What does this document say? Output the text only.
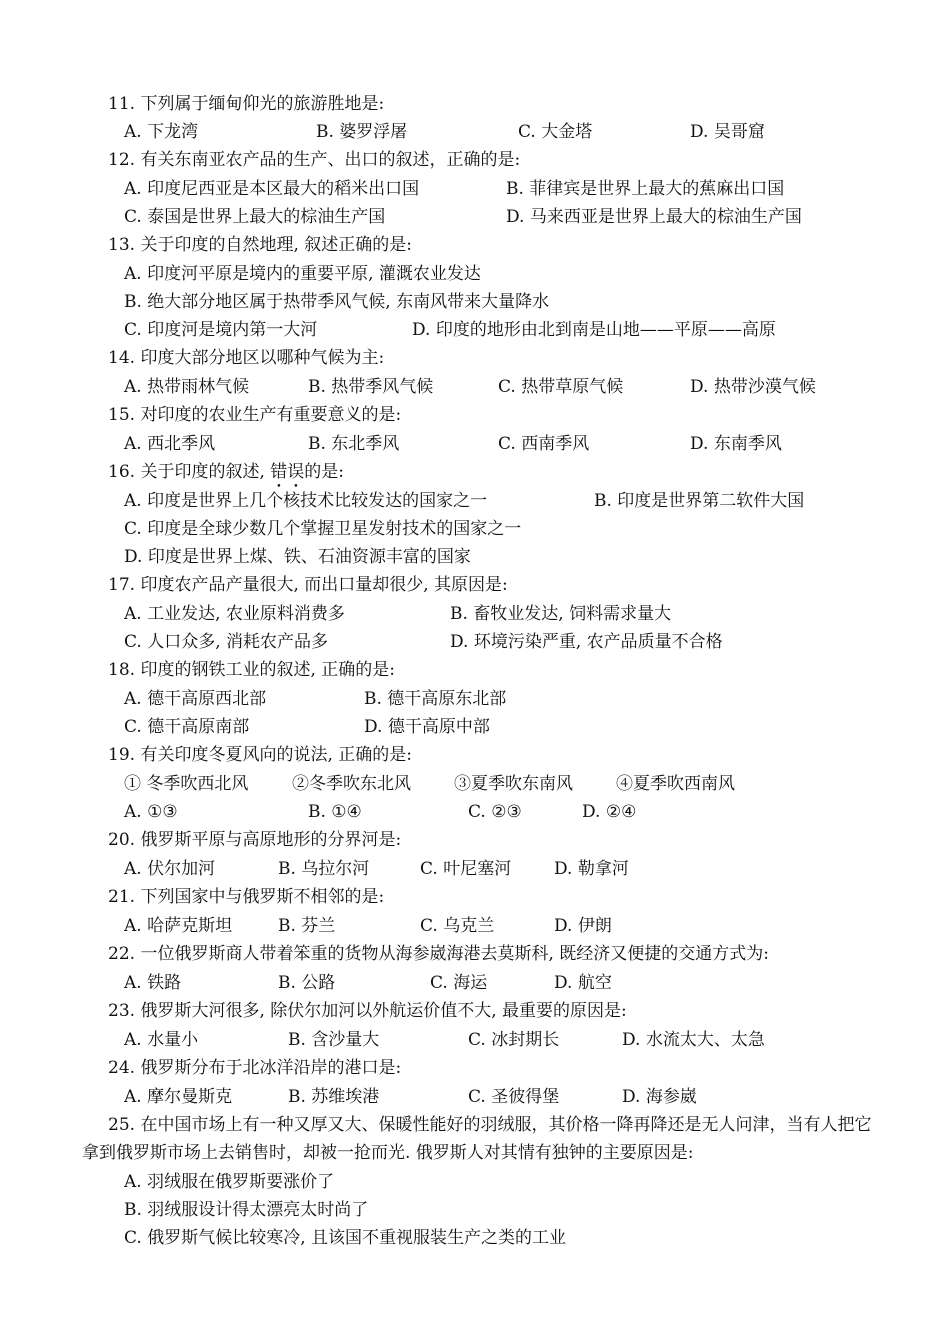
11. 下列属于缅甸仰光的旅游胜地是:
A. 下龙湾	B. 婆罗浮屠	C. 大金塔	D. 吴哥窟
12. 有关东南亚农产品的生产、出口的叙述，正确的是:
A. 印度尼西亚是本区最大的稻米出口国	B. 菲律宾是世界上最大的蕉麻出口国
C. 泰国是世界上最大的棕油生产国	D. 马来西亚是世界上最大的棕油生产国
13. 关于印度的自然地理, 叙述正确的是:
A. 印度河平原是境内的重要平原, 灌溉农业发达
B. 绝大部分地区属于热带季风气候, 东南风带来大量降水
C. 印度河是境内第一大河	D. 印度的地形由北到南是山地——平原——高原
14. 印度大部分地区以哪种气候为主:
A. 热带雨林气候	B. 热带季风气候	C. 热带草原气候	D. 热带沙漠气候
15. 对印度的农业生产有重要意义的是:
A. 西北季风	B. 东北季风	C. 西南季风	D. 东南季风
16. 关于印度的叙述, 错误的是:
A. 印度是世界上几个核技术比较发达的国家之一	B. 印度是世界第二软件大国
C. 印度是全球少数几个掌握卫星发射技术的国家之一
D. 印度是世界上煤、铁、石油资源丰富的国家
17. 印度农产品产量很大, 而出口量却很少, 其原因是:
A. 工业发达, 农业原料消费多	B. 畜牧业发达, 饲料需求量大
C. 人口众多, 消耗农产品多	D. 环境污染严重, 农产品质量不合格
18. 印度的钢铁工业的叙述, 正确的是:
A. 德干高原西北部	B. 德干高原东北部
C. 德干高原南部	D. 德干高原中部
19. 有关印度冬夏风向的说法, 正确的是:
① 冬季吹西北风	②冬季吹东北风	③夏季吹东南风	④夏季吹西南风
A. ①③	B. ①④	C. ②③	D. ②④
20. 俄罗斯平原与高原地形的分界河是:
A. 伏尔加河	B. 乌拉尔河	C. 叶尼塞河	D. 勒拿河
21. 下列国家中与俄罗斯不相邻的是:
A. 哈萨克斯坦	B. 芬兰	C. 乌克兰	D. 伊朗
22. 一位俄罗斯商人带着笨重的货物从海参崴海港去莫斯科, 既经济又便捷的交通方式为:
A. 铁路	B. 公路	C. 海运	D. 航空
23. 俄罗斯大河很多, 除伏尔加河以外航运价值不大, 最重要的原因是:
A. 水量小	B. 含沙量大	C. 冰封期长	D. 水流太大、太急
24. 俄罗斯分布于北冰洋沿岸的港口是:
A. 摩尔曼斯克	B. 苏维埃港	C. 圣彼得堡	D. 海参崴
25. 在中国市场上有一种又厚又大、保暖性能好的羽绒服，其价格一降再降还是无人问津，当有人把它拿到俄罗斯市场上去销售时，却被一抢而光. 俄罗斯人对其情有独钟的主要原因是:
A. 羽绒服在俄罗斯要涨价了
B. 羽绒服设计得太漂亮太时尚了
C. 俄罗斯气候比较寒冷, 且该国不重视服装生产之类的工业
